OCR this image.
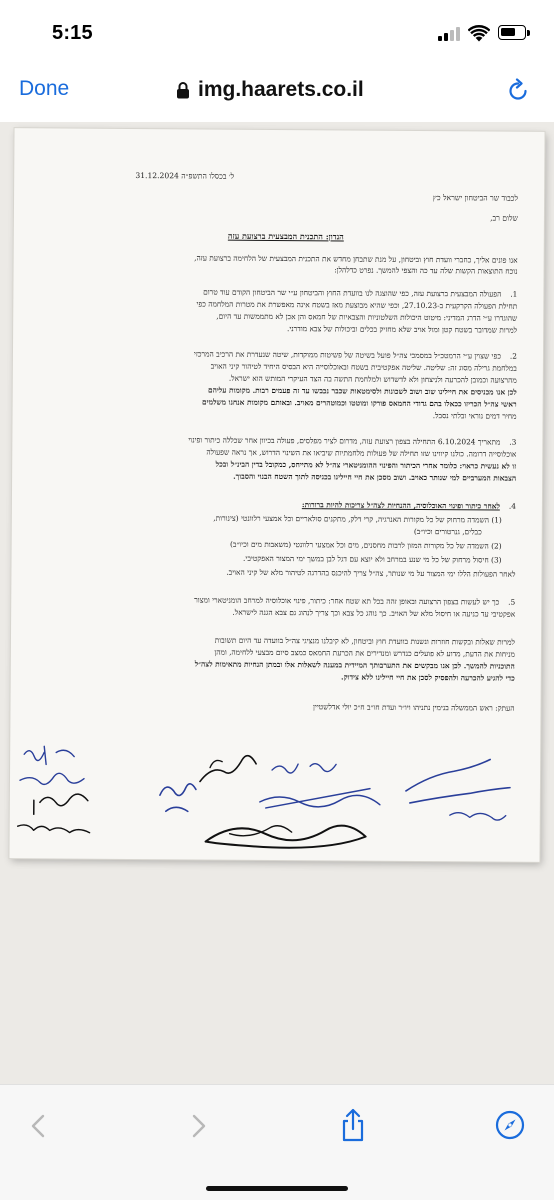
5:15
Done	img.haarets.co.il
ל׳ בכסלו התשפ״ה 31.12.2024
לכבוד שר הביטחון ישראל כץ
שלום רב,
הנדון: התכנית המבצעית ברצועת עזה
אנו פונים אליך, כחברי וועדת חוץ וביטחון, על מנת שתבחן מחדש את התכנית המבצעית של הלחימה ברצועת עזה,
נוכח התוצאות הקשות שלה עד כה והצפי להמשך. נפרט כדלהלן:
1.
הפעולה המבצעית ברצועת עזה, כפי שהוצגה לנו בוועדת החוץ והביטחון ע״י שר הביטחון הקודם עוד טרום
תחילת הפעולה הקרקעית ב-27.10.23, וכפי שהיא מבוצעת מאז בשטח אינה מאפשרת את מטרות המלחמה כפי
שהוגדרו ע״י הדרג המדיני: מיטוט היכולות השלטוניות והצבאיות של חמאס והן אכן לא מתממשות עד היום,
למרות שמדובר בשטח קטן ומול אויב שלא מחזיק בכלים וביכולות של צבא מודרני.
2.
כפי שצוין ע״י הרמטכ״ל במסמכי צה״ל פועל בשיטה של פשיטות ממוקדות, שיטה שנעדרת את הרכיב המרכזי
במלחמת גרילה מסוג זה: שליטה. שליטה אפקטיבית בשטח ובאוכלוסייה היא הבסיס היחיד לטיהור קיני האויב
מהרצועה וכמובן להכרעה ולניצחון ולא לדשדוש ולמלחמת התשה בה הצד העיקרי המותש הוא ישראל.
לכן אנו מכניסים את חיילינו שוב ושוב לשכונות ולסימטאות שכבר נכבשו עד זה פעמים רבות. מקומות עליהם
ראשי צה״ל הכריזו ככאלו בהם גדודי החמאס פורקו ומוטטו וכמוטהרים מאויב. ובאותם מקומות אנחנו משלמים
מחיר דמים נוראי ובלתי נסבל.
3.
מתאריך 6.10.2024 התחילה בצפון רצועת עזה, מדרום לציר מפלסים, פעולה בכיוון אחר שכללה כיתור ופינוי
אוכלוסייה דרומה. כולנו קיווינו שזו תחילה של פעולות מלחמתיות שיביאו את השינוי הדרוש, אך נראה שפעולה
זו לא נעשית כראוי: כלומר אחרי הכיתור והפינוי ההומניטארי צה״ל לא מתייחס, כמקובל בדין הבינ״ל ובכל
הצבאות המערביים למי שנותר כאויב. ושוב מסכן את חיי חיילינו בכניסה לתוך השטח הבנוי והסבוך.
4.
לאחר כיתור ופינוי האוכלוסיה, ההנחיות לצה״ל צריכות להיות ברורות:
(1) השמדה מרחוק של כל מקורות האנרגיה, קרי דלק, מתקנים סולאריים וכל אמצעי רלוונטי (צינורות,
כבלים, גנרטורים וכיו״ב)
(2) השמדה של כל מקורות המזון לרבות מחסנים, מים וכל אמצעי רלוונטי (משאבות מים וכיו״ב)
(3) חיסול מרחוק של כל מי שנע במרחב ולא יוצא עם דגל לבן במשך ימי המצור האפקטיבי.
לאחר הפעולות הללו ימי המצור על מי שנותר, צה״ל צריך להיכנס בהדרגה לטיהור מלא של קיני האויב.
5.
כך יש לעשות בצפון הרצועה ובאופן זהה בכל תא שטח אחר: כיתור, פינוי אוכלוסיה למרחב הומניטארי ומצור
אפקטיבי עד כניעה או חיסול מלא של האויב. כך נוהג כל צבא וכך צריך לנהוג גם צבא הגנה לישראל.
למרות שאלות ובקשות חוזרות ונשנות בוועדת חוץ וביטחון, לא קיבלנו מנציגי צה״ל בוועדה עד היום תשובות
מניחות את הדעת, מדוע לא פועלים כנדרש ומנדירים את הכרעת החמאס כמצב סיום מבצעי ללחימה, ומהן
התוכניות להמשך. לכן אנו מבקשים את התערבותך המיידית במענה לשאלות אלו ובמתן הנחיות מתאימות לצה״ל
כדי להגיע להכרעה ולהפסיק לסכן את חיי חיילינו ללא צידוק.
העתק: ראש הממשלה בנימין נתניהו ויו״ר ועדת חו״ב ח״כ יולי אדלשטיין
